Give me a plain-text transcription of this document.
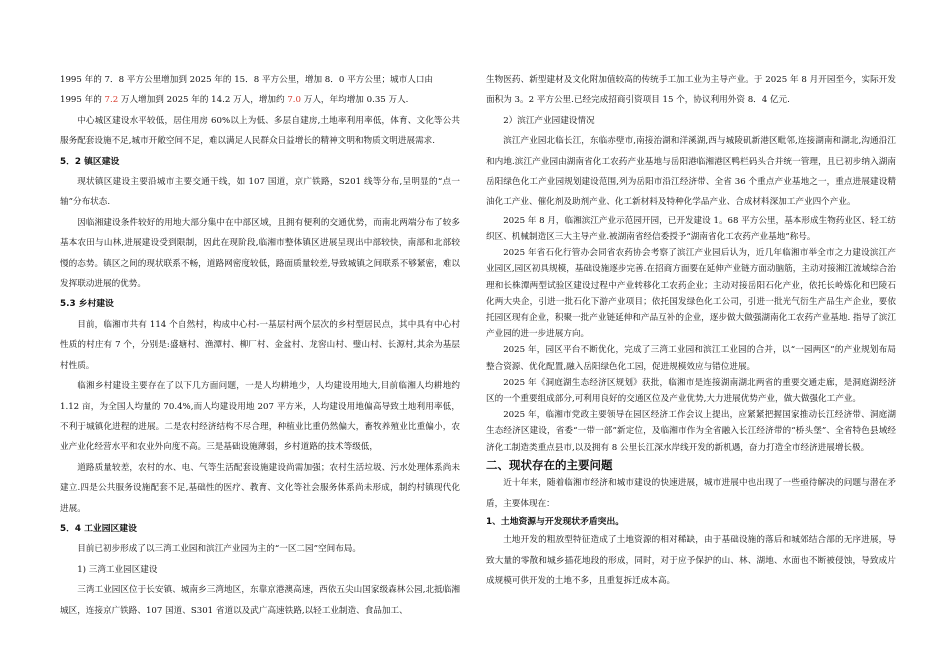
1995 年的 7．8 平方公里增加到 2025 年的 15．8 平方公里，增加 8．0 平方公里；城市人口由

1995 年的 7.2 万人增加到 2025 年的 14.2 万人，增加约 7.0 万人，年均增加 0.35 万人.

中心城区建设水平较低，居住用房 60%以上为低、多层自建房,土地率利用率低，体育、文化等公共服务配套设施不足,城市开敞空间不足，难以满足人民群众日益增长的精神文明和物质文明进展需求.

5．2 镇区建设

现状镇区建设主要沿城市主要交通干线，如 107 国道，京广铁路，S201 线等分布,呈明显的“点一轴”分布状态.

因临湘建设条件较好的用地大部分集中在中部区域，且拥有便利的交通优势，而南北两端分布了较多基本农田与山林,进展建设受到限制，因此在现阶段,临湘市整体镇区进展呈现出中部较快，南部和北部较慢的态势。镇区之间的现状联系不畅，道路网密度较低，路面质量较差,导致城镇之间联系不够紧密，难以发挥联动进展的优势。

5.3 乡村建设

目前，临湘市共有 114 个自然村，构成中心村-一基层村两个层次的乡村型居民点，其中具有中心村性质的村庄有 7 个，分别是:盛塘村、渔潭村、柳厂村、金盆村、龙窖山村、璧山村、长源村,其余为基层村性质。

临湘乡村建设主要存在了以下几方面问题，一是人均耕地少，人均建设用地大,目前临湘人均耕地约 1.12 亩，为全国人均量的 70.4%,而人均建设用地 207 平方米，人均建设用地偏高导致土地利用率低，不利于城镇化进程的进展。二是农村经济结构不尽合理，种植业比重仍然偏大，畜牧养殖业比重偏小，农业产业化经营水平和农业外向度不高。三是基础设施薄弱，乡村道路的技术等级低，

道路质量较差，农村的水、电、气等生活配套设施建设尚需加强；农村生活垃圾、污水处理体系尚未建立.四是公共服务设施配套不足,基础性的医疗、教育、文化等社会服务体系尚未形成，制约村镇现代化进展。

5．4 工业园区建设

目前已初步形成了以三湾工业园和滨江产业园为主的“一区二园”空间布局。

1) 三湾工业园区建设

三湾工业园区位于长安镇、城南乡三湾地区，东靠京港澳高速，西依五尖山国家级森林公园,北抵临湘城区，连接京广铁路、107 国道、S301 省道以及武广高速铁路,以轻工业制造、食品加工、

生物医药、新型建材及文化附加值较高的传统手工加工业为主导产业。于 2025 年 8 月开园至今，实际开发面积为 3。2 平方公里.已经完成招商引资项目 15 个，协议利用外资 8．4 亿元.

2）滨江产业园建设情况

滨江产业园北临长江，东临赤壁市,南接治湖和洋溪湖,西与城陵矶新港区毗邻,连接湖南和湖北,沟通沿江和内地.滨江产业园由湖南省化工农药产业基地与岳阳港临湘港区鸭栏码头合并统一管理，且已初步纳入湖南岳阳绿色化工产业园规划建设范围,列为岳阳市沿江经济带、全省 36 个重点产业基地之一，重点进展建设精油化工产业、催化剂及助剂产业、化工新材料及特种化学品产业、合成材料深加工产业四个产业。

2025 年 8 月，临湘滨江产业示范园开园，已开发建设 1。68 平方公里，基本形成生物药业区、轻工纺织区、机械制造区三大主导产业.被湖南省经信委授予“湖南省化工农药产业基地”称号。

2025 年省石化行管办会同省农药协会考察了滨江产业园后认为，近几年临湘市举全市之力建设滨江产业园区,园区初具规模，基础设施逐步完善.在招商方面要在延伸产业链方面动脑筋，主动对接湘江流域综合治理和长株潭两型试验区建设过程中产业转移化工农药企业；主动对接岳阳石化产业，依托长岭炼化和巴陵石化两大央企，引进一批石化下游产业项目；依托国发绿色化工公司，引进一批光气衍生产品生产企业，要依托园区现有企业，积聚一批产业链延伸和产品互补的企业，逐步做大做强湖南化工农药产业基地. 指导了滨江产业园的进一步进展方向。

2025 年，园区平台不断优化，完成了三湾工业园和滨江工业园的合并，以“一园两区”的产业规划布局整合资源、优化配置,融入岳阳绿色化工园，促进规模效应与错位进展。

2025 年《洞庭湖生态经济区规划》获批，临湘市是连接湖南湖北两省的重要交通走廊，是洞庭湖经济区的一个重要组成部分,可利用良好的交通区位及产业优势,大力进展优势产业，做大做强化工产业。

2025 年，临湘市党政主要领导在园区经济工作会议上提出，应紧紧把握国家推动长江经济带、洞庭湖生态经济区建设，省委“一带一部”新定位，及临湘市作为全省融入长江经济带的“桥头堡”、全省特色县域经济化工制造类重点县市,以及拥有 8 公里长江深水岸线开发的新机遇，奋力打造全市经济进展增长极。

二、现状存在的主要问题

近十年来，随着临湘市经济和城市建设的快速进展，城市进展中也出现了一些亟待解决的问题与潜在矛盾，主要体现在：

1、土地资源与开发现状矛盾突出。

土地开发的粗放型特征造成了土地资源的相对稀缺，由于基础设施的落后和城郊结合部的无序进展，导致大量的零散和城乡插花地段的形成，同时，对于应予保护的山、林、湖地、水面也不断被侵蚀，导致成片成规模可供开发的土地不多，且重复拆迁成本高。
